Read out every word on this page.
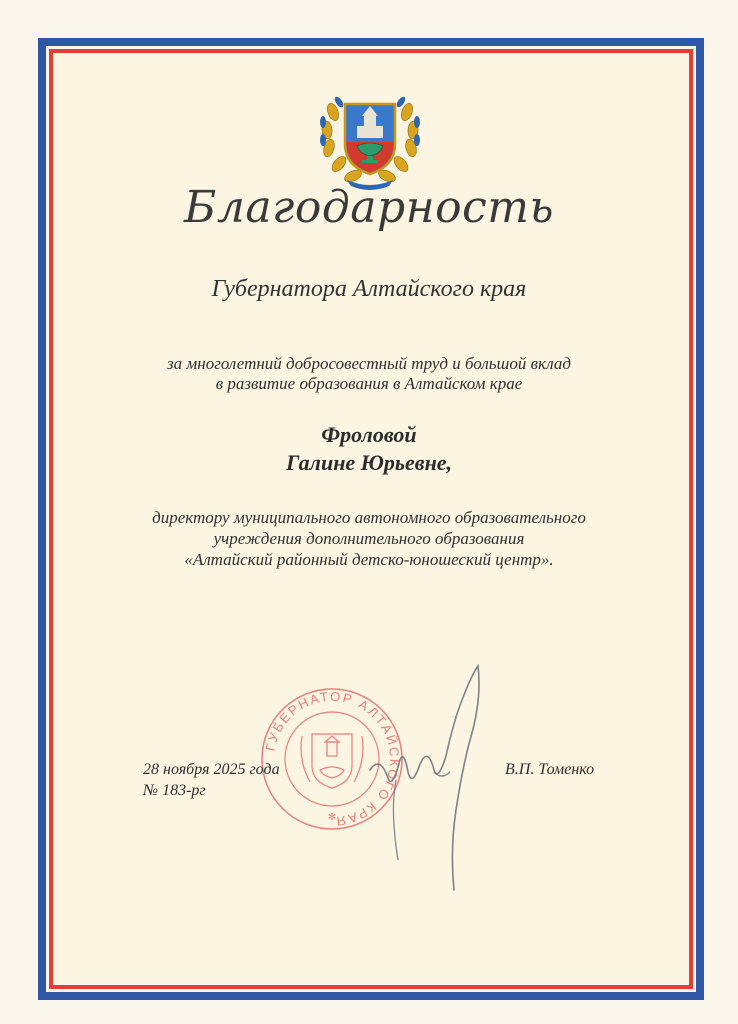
Благодарность
Губернатора Алтайского края
за многолетний добросовестный труд и большой вклад
в развитие образования в Алтайском крае
Фроловой
Галине Юрьевне,
директору муниципального автономного образовательного
учреждения дополнительного образования
«Алтайский районный детско-юношеский центр».
ГУБЕРНАТОР АЛТАЙСКОГО КРАЯ
✻
28 ноября 2025 года
№ 183-рг
В.П. Томенко
